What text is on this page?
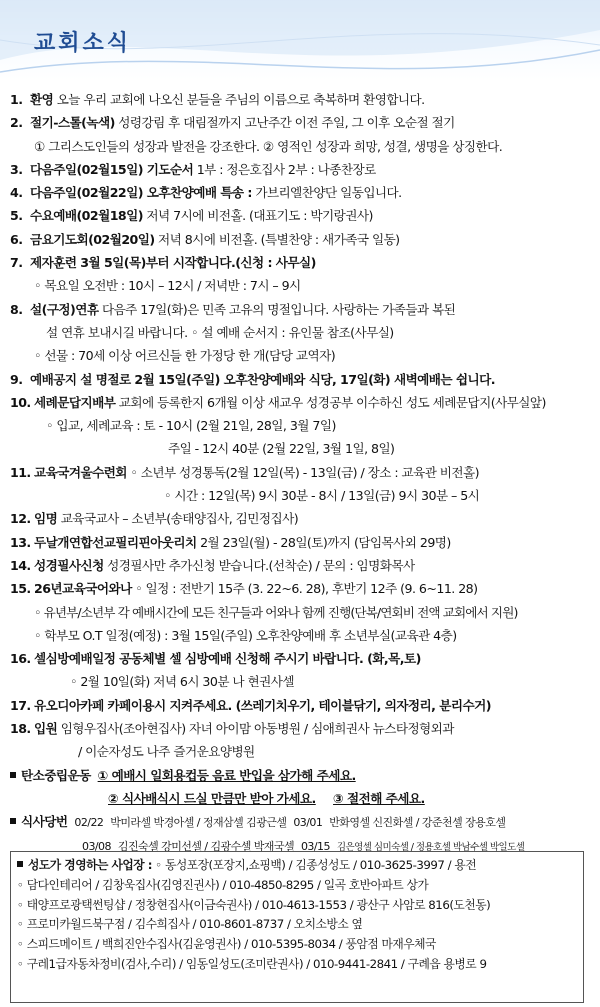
교회소식
1. 환영 오늘 우리 교회에 나오신 분들을 주님의 이름으로 축복하며 환영합니다.
2. 절기-스톨(녹색) 성령강림 후 대림절까지 고난주간 이전 주일, 그 이후 오순절 절기
① 그리스도인들의 성장과 발전을 강조한다. ② 영적인 성장과 희망, 성결, 생명을 상징한다.
3. 다음주일(02월15일) 기도순서 1부 : 정은호집사 2부 : 나종찬장로
4. 다음주일(02월22일) 오후찬양예배 특송 : 가브리엘찬양단 일동입니다.
5. 수요예배(02월18일) 저녁 7시에 비전홀. (대표기도 : 박기랑권사)
6. 금요기도회(02월20일) 저녁 8시에 비전홀. (특별찬양 : 새가족국 일동)
7. 제자훈련 3월 5일(목)부터 시작합니다.(신청 : 사무실)
◦ 목요일 오전반 : 10시 – 12시 / 저녁반 : 7시 – 9시
8. 설(구정)연휴 다음주 17일(화)은 민족 고유의 명절입니다. 사랑하는 가족들과 복된
설 연휴 보내시길 바랍니다. ◦ 설 예배 순서지 : 유인물 참조(사무실)
◦ 선물 : 70세 이상 어르신들 한 가정당 한 개(담당 교역자)
9. 예배공지 설 명절로 2월 15일(주일) 오후찬양예배와 식당, 17일(화) 새벽예배는 쉽니다.
10. 세례문답지배부 교회에 등록한지 6개월 이상 새교우 성경공부 이수하신 성도 세례문답지(사무실앞)
◦ 입교, 세례교육 : 토 - 10시 (2월 21일, 28일, 3월 7일)
주일 - 12시 40분 (2월 22일, 3월 1일, 8일)
11. 교육국겨울수련회 ◦ 소년부 성경통독(2월 12일(목) - 13일(금) / 장소 : 교육관 비전홀)
◦ 시간 : 12일(목) 9시 30분 - 8시 / 13일(금) 9시 30분 – 5시
12. 임명 교육국교사 – 소년부(송태양집사, 김민정집사)
13. 두날개연합선교필리핀아웃리치 2월 23일(월) - 28일(토)까지 (담임목사외 29명)
14. 성경필사신청 성경필사만 추가신청 받습니다.(선착순) / 문의 : 임명화목사
15. 26년교육국어와나 ◦ 일정 : 전반기 15주 (3. 22~6. 28), 후반기 12주 (9. 6~11. 28)
◦ 유년부/소년부 각 예배시간에 모든 친구들과 어와나 함께 진행(단복/연회비 전액 교회에서 지원)
◦ 학부모 O.T 일정(예정) : 3월 15일(주일) 오후찬양예배 후 소년부실(교육관 4층)
16. 셀심방예배일정 공동체별 셀 심방예배 신청해 주시기 바랍니다. (화,목,토)
◦ 2월 10일(화) 저녁 6시 30분 나 현권사셀
17. 유오디아카페 카페이용시 지켜주세요. (쓰레기치우기, 테이블닦기, 의자정리, 분리수거)
18. 입원 임형우집사(조아현집사) 자녀 아이맘 아동병원 / 심애희권사 뉴스타정형외과
/ 이순자성도 나주 즐거운요양병원
탄소중립운동 ① 예배시 일회용컵등 음료 반입을 삼가해 주세요.
② 식사배식시 드실 만큼만 받아 가세요. ③ 절전해 주세요.
식사당번 02/22 박미라셀 박경아셀 / 정재삼셀 김광근셀 03/01 반화영셀 신진화셀 / 강준천셀 장용호셀
03/08 김진숙셀 강미선셀 / 김광수셀 박재국셀 03/15 김은영셀 심미숙셀 / 정용호셀 박남수셀 박일도셀
성도가 경영하는 사업장 : ◦ 동성포장(포장지,쇼핑백) / 김종성성도 / 010-3625-3997 / 용전
◦ 담다인테리어 / 김창욱집사(김영진권사) / 010-4850-8295 / 일곡 호반아파트 상가
◦ 태양프로광택썬팅샵 / 정창현집사(이금숙권사) / 010-4613-1553 / 광산구 사암로 816(도천동)
◦ 프로미카월드북구점 / 김수희집사 / 010-8601-8737 / 오치소방소 옆
◦ 스피드메이트 / 백희진안수집사(김윤영권사) / 010-5395-8034 / 풍암점 마재우체국
◦ 구레1급자동차정비(검사,수리) / 임동일성도(조미란권사) / 010-9441-2841 / 구례읍 용병로 9
